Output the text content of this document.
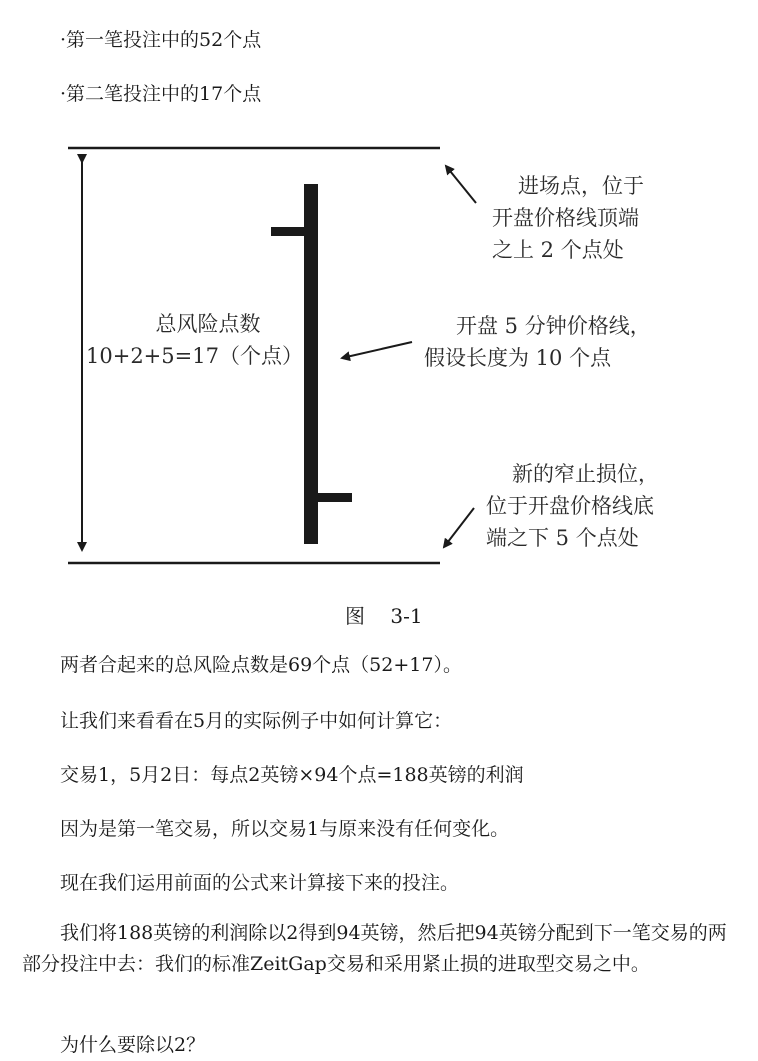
·第一笔投注中的52个点
·第二笔投注中的17个点
总风险点数
10+2+5=17（个点）
进场点，位于
开盘价格线顶端
之上 2 个点处
开盘 5 分钟价格线，
假设长度为 10 个点
新的窄止损位，
位于开盘价格线底
端之下 5 个点处
图    3-1
两者合起来的总风险点数是69个点（52+17）。
让我们来看看在5月的实际例子中如何计算它：
交易1，5月2日：每点2英镑×94个点=188英镑的利润
因为是第一笔交易，所以交易1与原来没有任何变化。
现在我们运用前面的公式来计算接下来的投注。
我们将188英镑的利润除以2得到94英镑，然后把94英镑分配到下一笔交易的两部分投注中去：我们的标准ZeitGap交易和采用紧止损的进取型交易之中。
为什么要除以2？
